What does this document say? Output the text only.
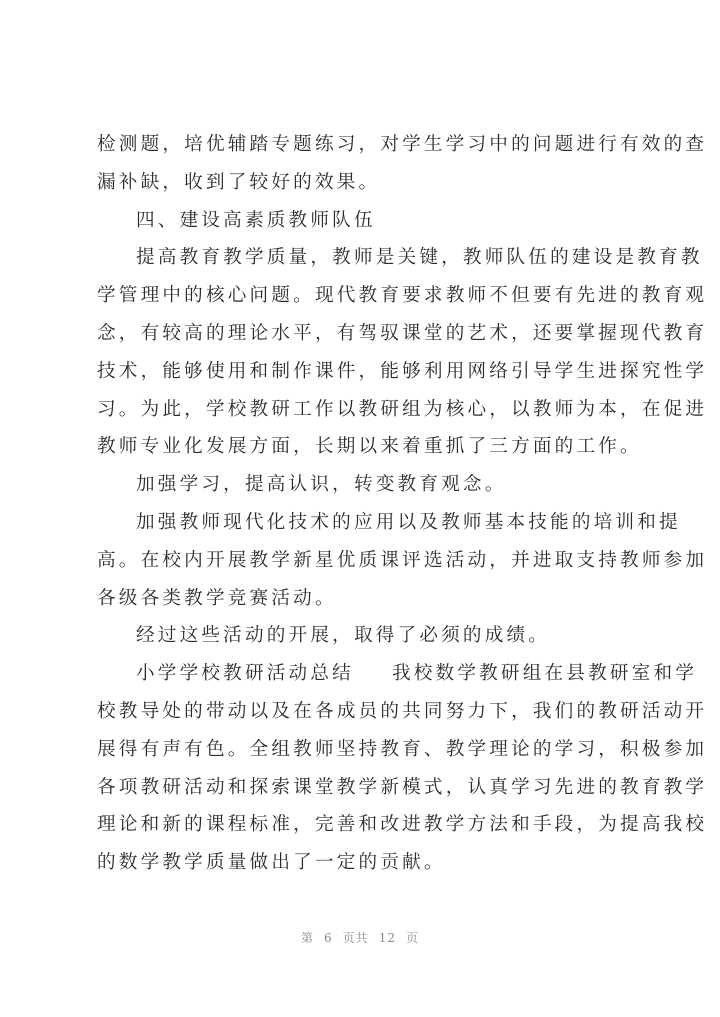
检测题，培优辅踏专题练习，对学生学习中的问题进行有效的查
漏补缺，收到了较好的效果。
四、建设高素质教师队伍
提高教育教学质量，教师是关键，教师队伍的建设是教育教
学管理中的核心问题。现代教育要求教师不但要有先进的教育观
念，有较高的理论水平，有驾驭课堂的艺术，还要掌握现代教育
技术，能够使用和制作课件，能够利用网络引导学生进探究性学
习。为此，学校教研工作以教研组为核心，以教师为本，在促进
教师专业化发展方面，长期以来着重抓了三方面的工作。
加强学习，提高认识，转变教育观念。
加强教师现代化技术的应用以及教师基本技能的培训和提
高。在校内开展教学新星优质课评选活动，并进取支持教师参加
各级各类教学竞赛活动。
经过这些活动的开展，取得了必须的成绩。
小学学校教研活动总结 我校数学教研组在县教研室和学
校教导处的带动以及在各成员的共同努力下，我们的教研活动开
展得有声有色。全组教师坚持教育、教学理论的学习，积极参加
各项教研活动和探索课堂教学新模式，认真学习先进的教育教学
理论和新的课程标准，完善和改进教学方法和手段，为提高我校
的数学教学质量做出了一定的贡献。
第 6 页共 12 页
